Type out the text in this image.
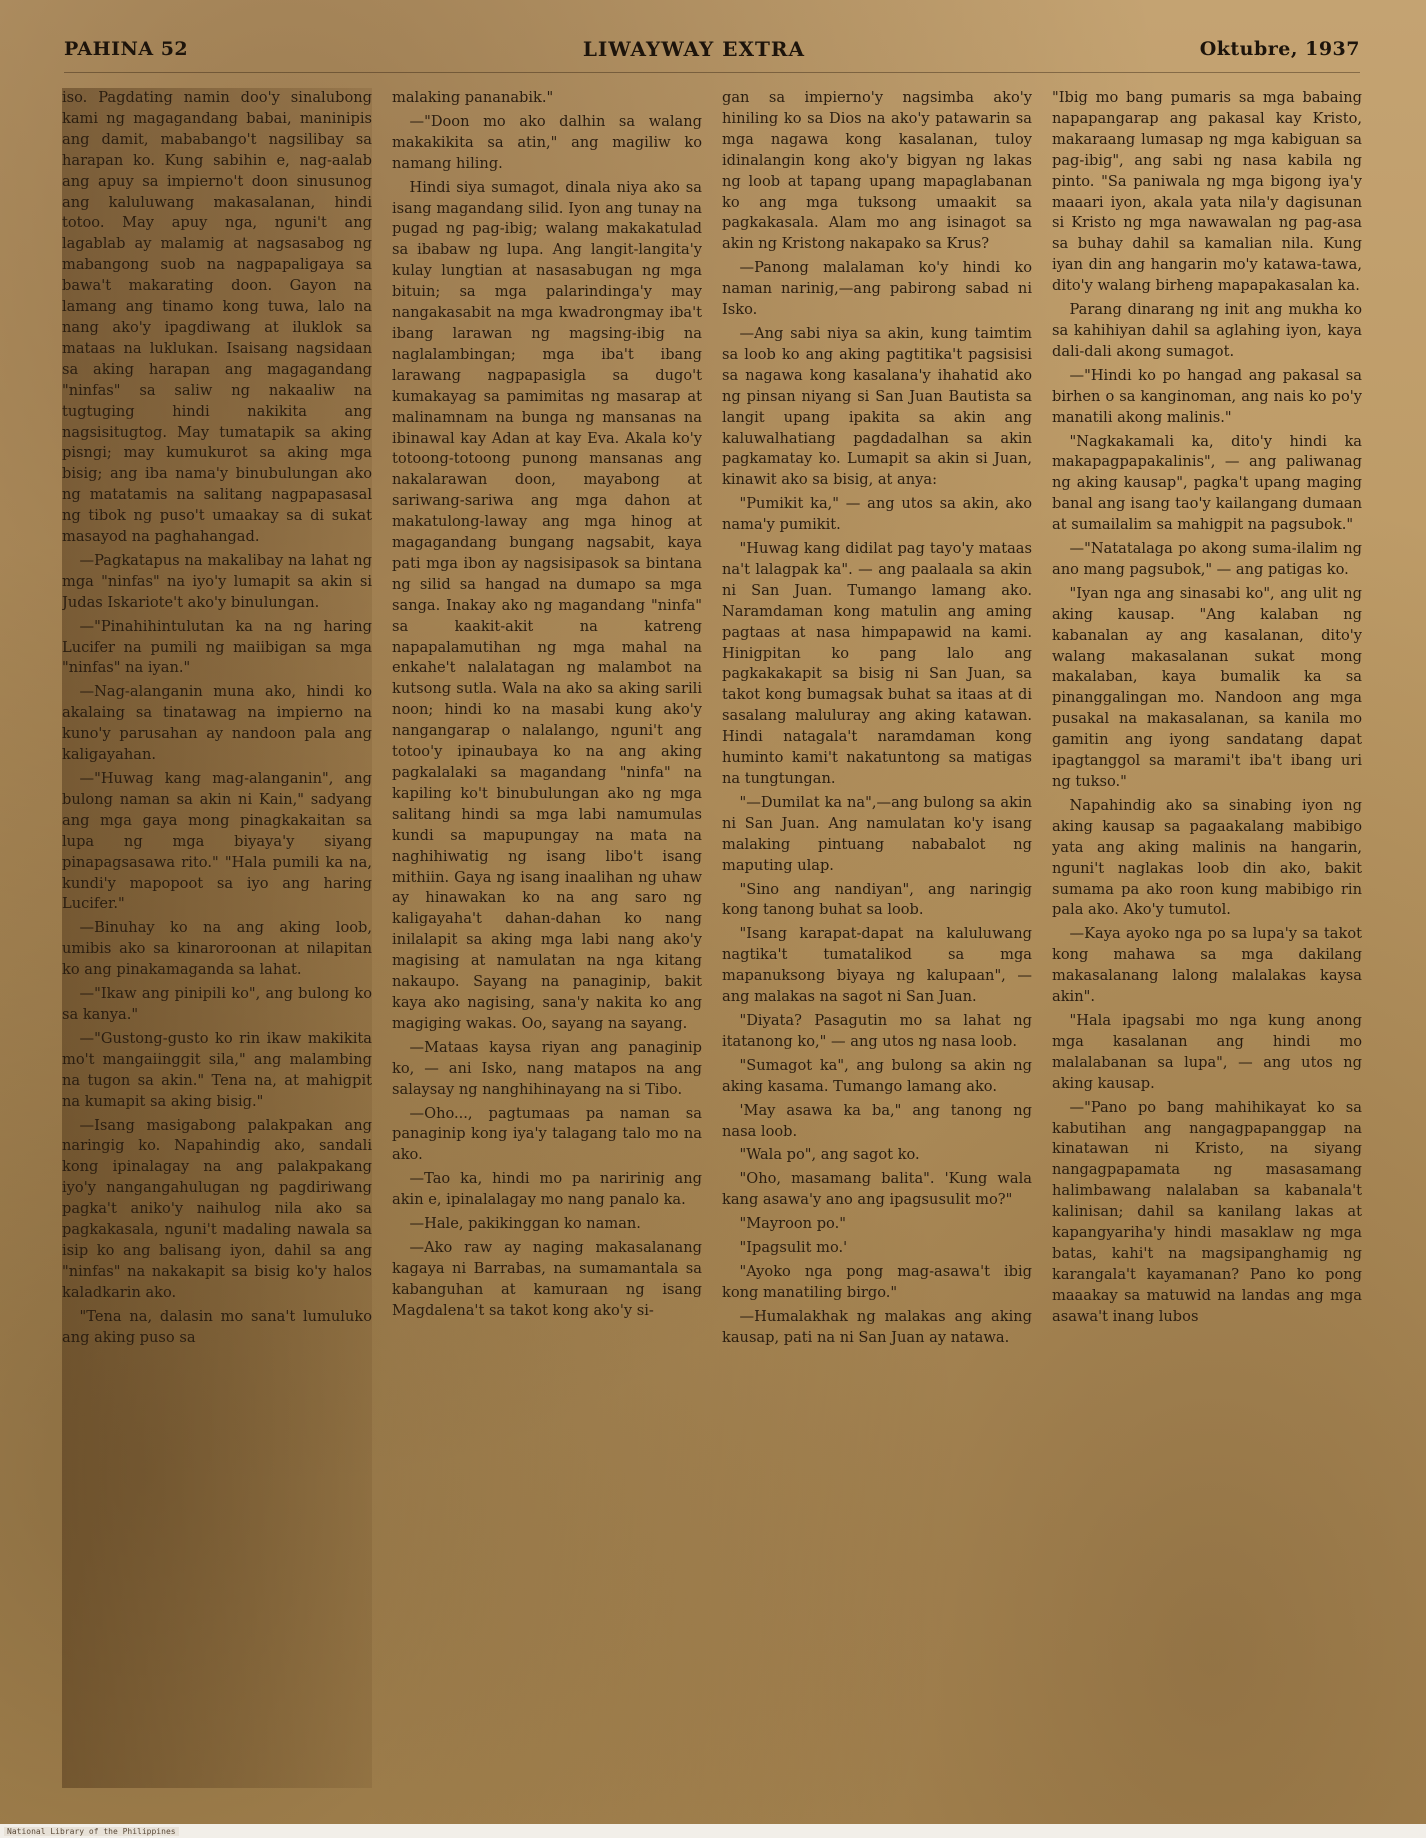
PAHINA 52	LIWAYWAY EXTRA	Oktubre, 1937

iso. Pagdating namin doo'y sinalubong kami ng magagandang babai, maninipis ang damit, mababango't nagsilibay sa harapan ko. Kung sabihin e, nag-aalab ang apuy sa impierno't doon sinusunog ang kaluluwang makasalanan, hindi totoo. May apuy nga, nguni't ang lagablab ay malamig at nagsasabog ng mabangong suob na nagpapaligaya sa bawa't makarating doon. Gayon na lamang ang tinamo kong tuwa, lalo na nang ako'y ipagdiwang at iluklok sa mataas na luklukan. Isaisang nagsidaan sa aking harapan ang magagandang "ninfas" sa saliw ng nakaaliw na tugtuging hindi nakikita ang nagsisitugtog. May tumatapik sa aking pisngi; may kumukurot sa aking mga bisig; ang iba nama'y binubulungan ako ng matatamis na salitang nagpapasasal ng tibok ng puso't umaakay sa di sukat masayod na paghahangad.

—Pagkatapus na makalibay na lahat ng mga "ninfas" na iyo'y lumapit sa akin si Judas Iskariote't ako'y binulungan.

—"Pinahihintulutan ka na ng haring Lucifer na pumili ng maiibigan sa mga "ninfas" na iyan."

—Nag-alanganin muna ako, hindi ko akalaing sa tinatawag na impierno na kuno'y parusahan ay nandoon pala ang kaligayahan.

—"Huwag kang mag-alanganin", ang bulong naman sa akin ni Kain," sadyang ang mga gaya mong pinagkakaitan sa lupa ng mga biyaya'y siyang pinapagsasawa rito." "Hala pumili ka na, kundi'y mapopoot sa iyo ang haring Lucifer."

—Binuhay ko na ang aking loob, umibis ako sa kinaroroonan at nilapitan ko ang pinakamaganda sa lahat.

—"Ikaw ang pinipili ko", ang bulong ko sa kanya."

—"Gustong-gusto ko rin ikaw makikita mo't mangaiinggit sila," ang malambing na tugon sa akin." Tena na, at mahigpit na kumapit sa aking bisig."

—Isang masigabong palakpakan ang naringig ko. Napahindig ako, sandali kong ipinalagay na ang palakpakang iyo'y nangangahulugan ng pagdiriwang pagka't aniko'y naihulog nila ako sa pagkakasala, nguni't madaling nawala sa isip ko ang balisang iyon, dahil sa ang "ninfas" na nakakapit sa bisig ko'y halos kaladkarin ako.

"Tena na, dalasin mo sana't lumuluko ang aking puso sa

malaking pananabik."

—"Doon mo ako dalhin sa walang makakikita sa atin," ang magiliw ko namang hiling.

Hindi siya sumagot, dinala niya ako sa isang magandang silid. Iyon ang tunay na pugad ng pag-ibig; walang makakatulad sa ibabaw ng lupa. Ang langit-langita'y kulay lungtian at nasasabugan ng mga bituin; sa mga palarindinga'y may nangakasabit na mga kwadrongmay iba't ibang larawan ng magsing-ibig na naglalambingan; mga iba't ibang larawang nagpapasigla sa dugo't kumakayag sa pamimitas ng masarap at malinamnam na bunga ng mansanas na ibinawal kay Adan at kay Eva. Akala ko'y totoong-totoong punong mansanas ang nakalarawan doon, mayabong at sariwang-sariwa ang mga dahon at makatulong-laway ang mga hinog at magagandang bungang nagsabit, kaya pati mga ibon ay nagsisipasok sa bintana ng silid sa hangad na dumapo sa mga sanga. Inakay ako ng magandang "ninfa" sa kaakit-akit na katreng napapalamutihan ng mga mahal na enkahe't nalalatagan ng malambot na kutsong sutla. Wala na ako sa aking sarili noon; hindi ko na masabi kung ako'y nangangarap o nalalango, nguni't ang totoo'y ipinaubaya ko na ang aking pagkalalaki sa magandang "ninfa" na kapiling ko't binubulungan ako ng mga salitang hindi sa mga labi namumulas kundi sa mapupungay na mata na naghihiwatig ng isang libo't isang mithiin. Gaya ng isang inaalihan ng uhaw ay hinawakan ko na ang saro ng kaligayaha't dahan-dahan ko nang inilalapit sa aking mga labi nang ako'y magising at namulatan na nga kitang nakaupo. Sayang na panaginip, bakit kaya ako nagising, sana'y nakita ko ang magiging wakas. Oo, sayang na sayang.

—Mataas kaysa riyan ang panaginip ko, — ani Isko, nang matapos na ang salaysay ng nanghihinayang na si Tibo.

—Oho..., pagtumaas pa naman sa panaginip kong iya'y talagang talo mo na ako.

—Tao ka, hindi mo pa naririnig ang akin e, ipinalalagay mo nang panalo ka.

—Hale, pakikinggan ko naman.

—Ako raw ay naging makasalanang kagaya ni Barrabas, na sumamantala sa kabanguhan at kamuraan ng isang Magdalena't sa takot kong ako'y si-

gan sa impierno'y nagsimba ako'y hiniling ko sa Dios na ako'y patawarin sa mga nagawa kong kasalanan, tuloy idinalangin kong ako'y bigyan ng lakas ng loob at tapang upang mapaglabanan ko ang mga tuksong umaakit sa pagkakasala. Alam mo ang isinagot sa akin ng Kristong nakapako sa Krus?

—Panong malalaman ko'y hindi ko naman narinig,—ang pabirong sabad ni Isko.

—Ang sabi niya sa akin, kung taimtim sa loob ko ang aking pagtitika't pagsisisi sa nagawa kong kasalana'y ihahatid ako ng pinsan niyang si San Juan Bautista sa langit upang ipakita sa akin ang kaluwalhatiang pagdadalhan sa akin pagkamatay ko. Lumapit sa akin si Juan, kinawit ako sa bisig, at anya:

"Pumikit ka," — ang utos sa akin, ako nama'y pumikit.

"Huwag kang didilat pag tayo'y mataas na't lalagpak ka". — ang paalaala sa akin ni San Juan. Tumango lamang ako. Naramdaman kong matulin ang aming pagtaas at nasa himpapawid na kami. Hinigpitan ko pang lalo ang pagkakakapit sa bisig ni San Juan, sa takot kong bumagsak buhat sa itaas at di sasalang maluluray ang aking katawan. Hindi natagala't naramdaman kong huminto kami't nakatuntong sa matigas na tungtungan.

"—Dumilat ka na",—ang bulong sa akin ni San Juan. Ang namulatan ko'y isang malaking pintuang nababalot ng maputing ulap.

"Sino ang nandiyan", ang naringig kong tanong buhat sa loob.

"Isang karapat-dapat na kaluluwang nagtika't tumatalikod sa mga mapanuksong biyaya ng kalupaan", — ang malakas na sagot ni San Juan.

"Diyata? Pasagutin mo sa lahat ng itatanong ko," — ang utos ng nasa loob.

"Sumagot ka", ang bulong sa akin ng aking kasama. Tumango lamang ako.

'May asawa ka ba," ang tanong ng nasa loob.

"Wala po", ang sagot ko.

"Oho, masamang balita". 'Kung wala kang asawa'y ano ang ipagsusulit mo?"

"Mayroon po."

"Ipagsulit mo.'

"Ayoko nga pong mag-asawa't ibig kong manatiling birgo."

—Humalakhak ng malakas ang aking kausap, pati na ni San Juan ay natawa.

"Ibig mo bang pumaris sa mga babaing napapangarap ang pakasal kay Kristo, makaraang lumasap ng mga kabiguan sa pag-ibig", ang sabi ng nasa kabila ng pinto. "Sa paniwala ng mga bigong iya'y maaari iyon, akala yata nila'y dagisunan si Kristo ng mga nawawalan ng pag-asa sa buhay dahil sa kamalian nila. Kung iyan din ang hangarin mo'y katawa-tawa, dito'y walang birheng mapapakasalan ka.

Parang dinarang ng init ang mukha ko sa kahihiyan dahil sa aglahing iyon, kaya dali-dali akong sumagot.

—"Hindi ko po hangad ang pakasal sa birhen o sa kanginoman, ang nais ko po'y manatili akong malinis."

"Nagkakamali ka, dito'y hindi ka makapagpapakalinis", — ang paliwanag ng aking kausap", pagka't upang maging banal ang isang tao'y kailangang dumaan at sumailalim sa mahigpit na pagsubok."

—"Natatalaga po akong suma-ilalim ng ano mang pagsubok," — ang patigas ko.

"Iyan nga ang sinasabi ko", ang ulit ng aking kausap. "Ang kalaban ng kabanalan ay ang kasalanan, dito'y walang makasalanan sukat mong makalaban, kaya bumalik ka sa pinanggalingan mo. Nandoon ang mga pusakal na makasalanan, sa kanila mo gamitin ang iyong sandatang dapat ipagtanggol sa marami't iba't ibang uri ng tukso."

Napahindig ako sa sinabing iyon ng aking kausap sa pagaakalang mabibigo yata ang aking malinis na hangarin, nguni't naglakas loob din ako, bakit sumama pa ako roon kung mabibigo rin pala ako. Ako'y tumutol.

—Kaya ayoko nga po sa lupa'y sa takot kong mahawa sa mga dakilang makasalanang lalong malalakas kaysa akin".

"Hala ipagsabi mo nga kung anong mga kasalanan ang hindi mo malalabanan sa lupa", — ang utos ng aking kausap.

—"Pano po bang mahihikayat ko sa kabutihan ang nangagpapanggap na kinatawan ni Kristo, na siyang nangagpapamata ng masasamang halimbawang nalalaban sa kabanala't kalinisan; dahil sa kanilang lakas at kapangyariha'y hindi masaklaw ng mga batas, kahi't na magsipanghamig ng karangala't kayamanan? Pano ko pong maaakay sa matuwid na landas ang mga asawa't inang lubos

National Library of the Philippines
